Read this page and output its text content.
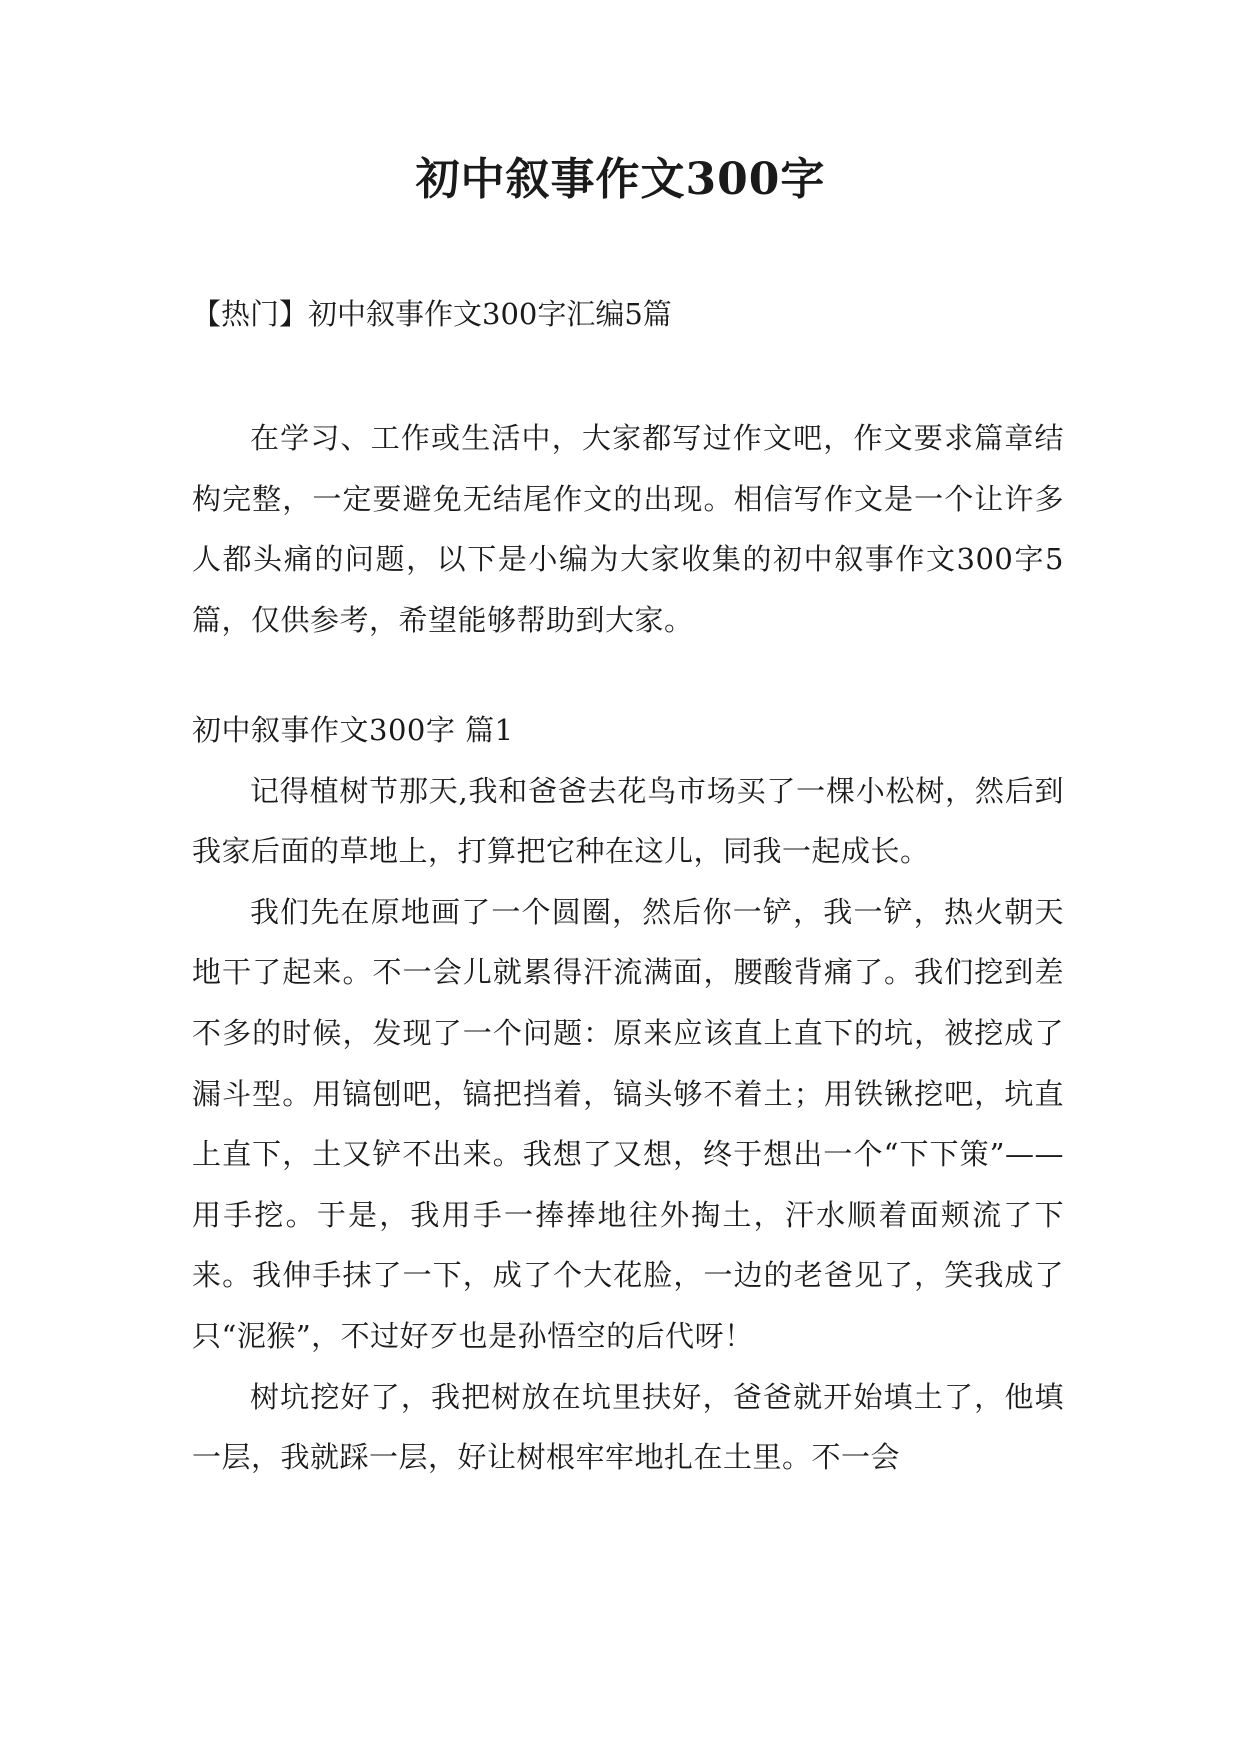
初中叙事作文300字

【热门】初中叙事作文300字汇编5篇

在学习、工作或生活中，大家都写过作文吧，作文要求篇章结构完整，一定要避免无结尾作文的出现。相信写作文是一个让许多人都头痛的问题，以下是小编为大家收集的初中叙事作文300字5篇，仅供参考，希望能够帮助到大家。

初中叙事作文300字 篇1

记得植树节那天,我和爸爸去花鸟市场买了一棵小松树，然后到我家后面的草地上，打算把它种在这儿，同我一起成长。

我们先在原地画了一个圆圈，然后你一铲，我一铲，热火朝天地干了起来。不一会儿就累得汗流满面，腰酸背痛了。我们挖到差不多的时候，发现了一个问题：原来应该直上直下的坑，被挖成了漏斗型。用镐刨吧，镐把挡着，镐头够不着土；用铁锹挖吧，坑直上直下，土又铲不出来。我想了又想，终于想出一个“下下策”——用手挖。于是，我用手一捧捧地往外掏土，汗水顺着面颊流了下来。我伸手抹了一下，成了个大花脸，一边的老爸见了，笑我成了只“泥猴”，不过好歹也是孙悟空的后代呀！

树坑挖好了，我把树放在坑里扶好，爸爸就开始填土了，他填一层，我就踩一层，好让树根牢牢地扎在土里。不一会
